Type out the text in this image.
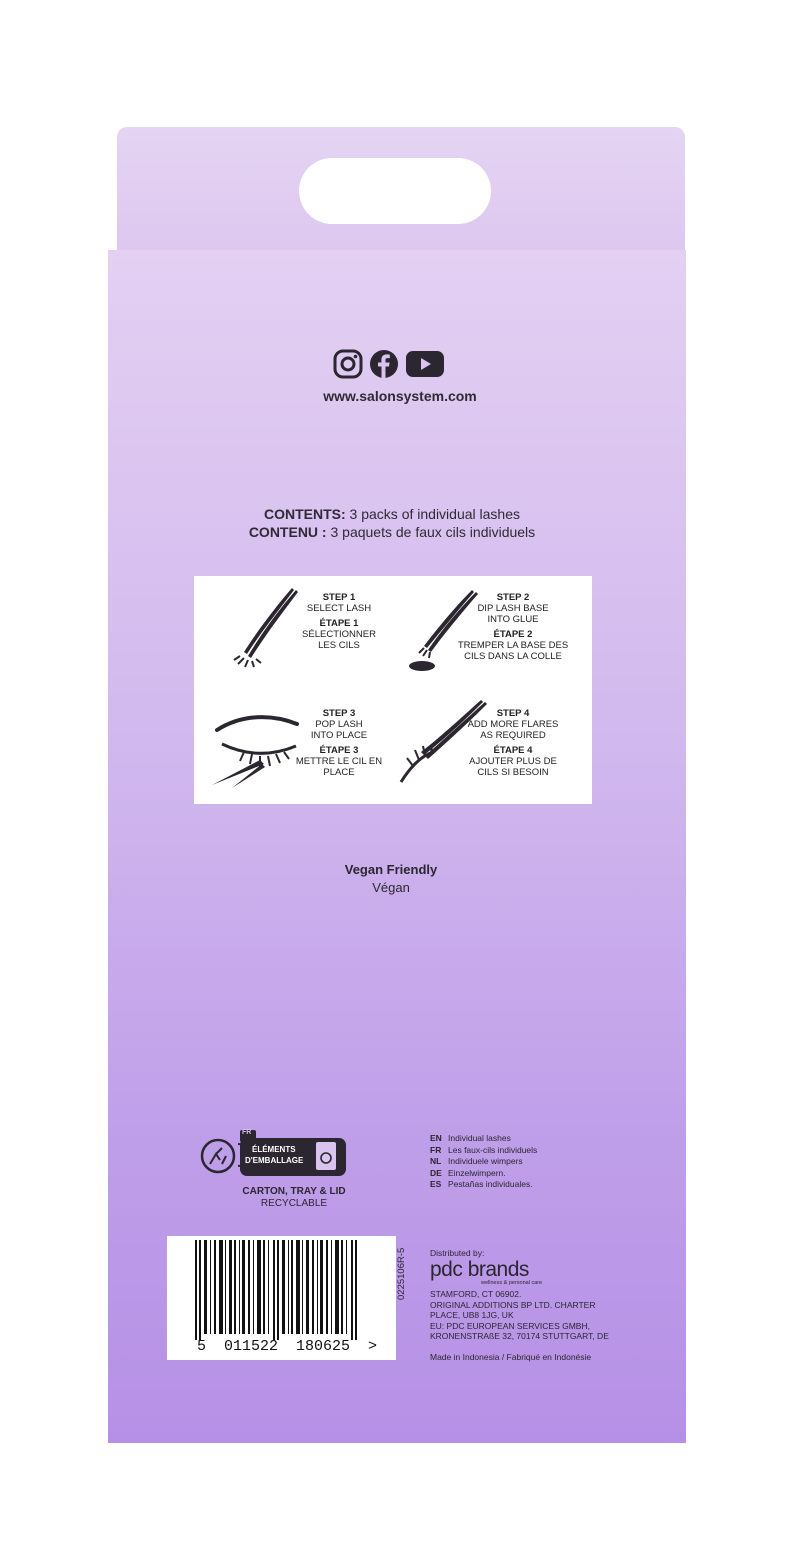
www.salonsystem.com
CONTENTS: 3 packs of individual lashes
CONTENU : 3 paquets de faux cils individuels
STEP 1
SELECT LASH
ÉTAPE 1
SÉLECTIONNER
LES CILS
STEP 2
DIP LASH BASE
INTO GLUE
ÉTAPE 2
TREMPER LA BASE DES
CILS DANS LA COLLE
STEP 3
POP LASH
INTO PLACE
ÉTAPE 3
METTRE LE CIL EN
PLACE
STEP 4
ADD MORE FLARES
AS REQUIRED
ÉTAPE 4
AJOUTER PLUS DE
CILS SI BESOIN
Vegan Friendly
Végan
FR
ÉLÉMENTS
D'EMBALLAGE
CARTON, TRAY & LID
RECYCLABLE
EN Individual lashes
FR Les faux-cils individuels
NL Individuele wimpers
DE Einzelwimpern.
ES Pestañas individuales.
5  011522  180625  >
0225106R-5	Distributed by:
pdc brands
wellness & personal care
STAMFORD, CT 06902.
ORIGINAL ADDITIONS BP LTD. CHARTER
PLACE, UB8 1JG, UK
EU: PDC EUROPEAN SERVICES GMBH,
KRONENSTRAßE 32, 70174 STUTTGART, DE
Made in Indonesia / Fabriqué en Indonésie
